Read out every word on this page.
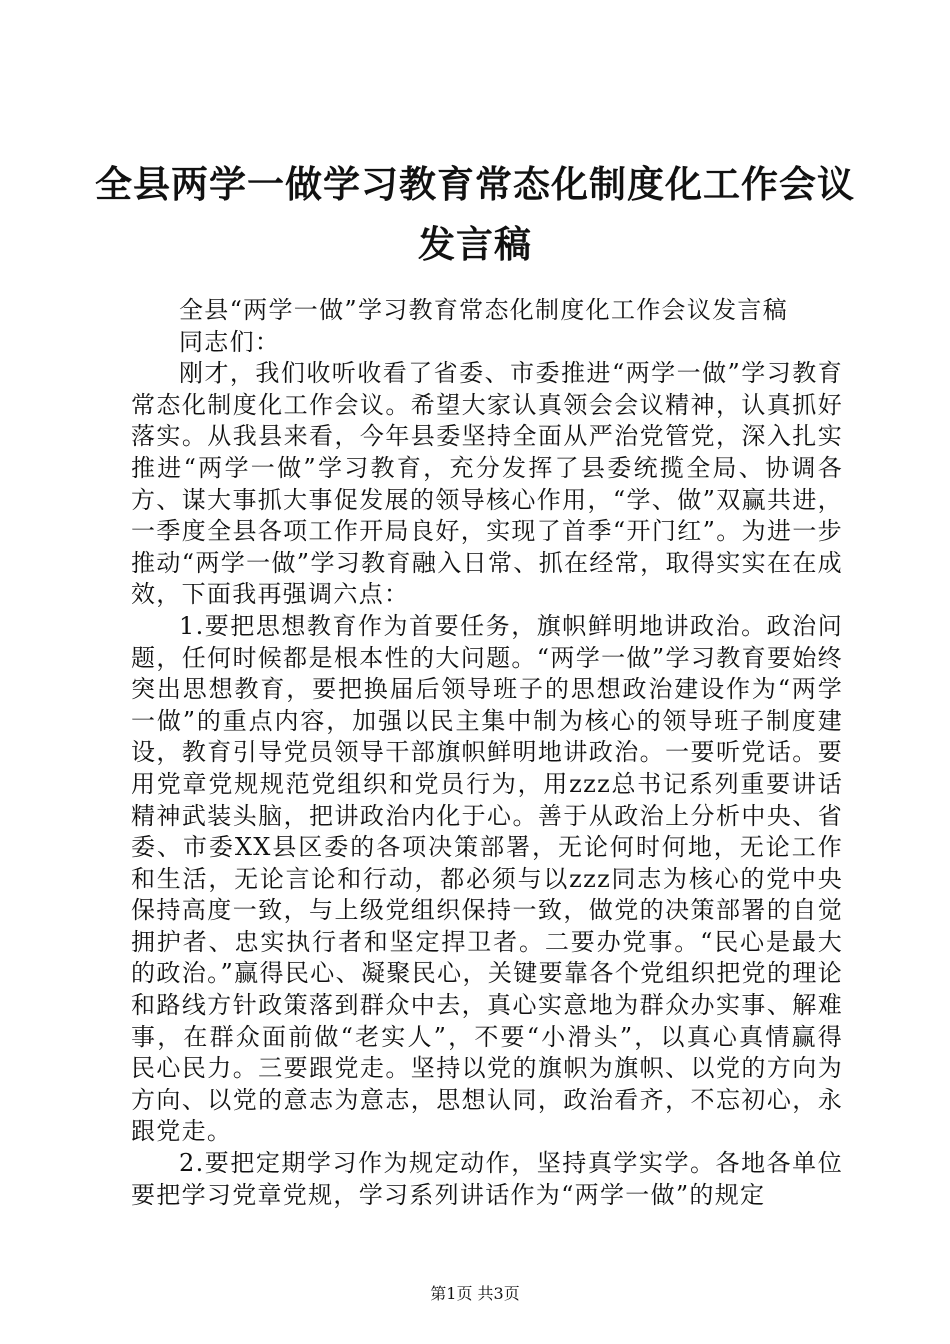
全县两学一做学习教育常态化制度化工作会议
发言稿

全县“两学一做”学习教育常态化制度化工作会议发言稿

同志们：

刚才，我们收听收看了省委、市委推进“两学一做”学习教育常态化制度化工作会议。希望大家认真领会会议精神，认真抓好落实。从我县来看，今年县委坚持全面从严治党管党，深入扎实推进“两学一做”学习教育，充分发挥了县委统揽全局、协调各方、谋大事抓大事促发展的领导核心作用，“学、做”双赢共进，一季度全县各项工作开局良好，实现了首季“开门红”。为进一步推动“两学一做”学习教育融入日常、抓在经常，取得实实在在成效，下面我再强调六点：

1.要把思想教育作为首要任务，旗帜鲜明地讲政治。政治问题，任何时候都是根本性的大问题。“两学一做”学习教育要始终突出思想教育，要把换届后领导班子的思想政治建设作为“两学一做”的重点内容，加强以民主集中制为核心的领导班子制度建设，教育引导党员领导干部旗帜鲜明地讲政治。一要听党话。要用党章党规规范党组织和党员行为，用zzz总书记系列重要讲话精神武装头脑，把讲政治内化于心。善于从政治上分析中央、省委、市委XX县区委的各项决策部署，无论何时何地，无论工作和生活，无论言论和行动，都必须与以zzz同志为核心的党中央保持高度一致，与上级党组织保持一致，做党的决策部署的自觉拥护者、忠实执行者和坚定捍卫者。二要办党事。“民心是最大的政治。”赢得民心、凝聚民心，关键要靠各个党组织把党的理论和路线方针政策落到群众中去，真心实意地为群众办实事、解难事，在群众面前做“老实人”，不要“小滑头”，以真心真情赢得民心民力。三要跟党走。坚持以党的旗帜为旗帜、以党的方向为方向、以党的意志为意志，思想认同，政治看齐，不忘初心，永跟党走。

2.要把定期学习作为规定动作，坚持真学实学。各地各单位要把学习党章党规，学习系列讲话作为“两学一做”的规定

第1页 共3页
